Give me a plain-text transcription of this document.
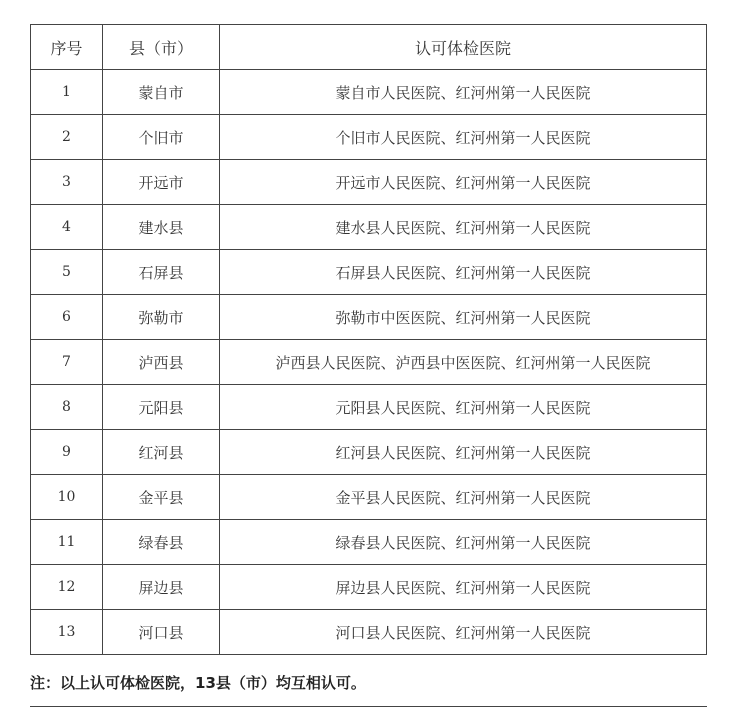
序号	县（市）	认可体检医院
1	蒙自市	蒙自市人民医院、红河州第一人民医院
2	个旧市	个旧市人民医院、红河州第一人民医院
3	开远市	开远市人民医院、红河州第一人民医院
4	建水县	建水县人民医院、红河州第一人民医院
5	石屏县	石屏县人民医院、红河州第一人民医院
6	弥勒市	弥勒市中医医院、红河州第一人民医院
7	泸西县	泸西县人民医院、泸西县中医医院、红河州第一人民医院
8	元阳县	元阳县人民医院、红河州第一人民医院
9	红河县	红河县人民医院、红河州第一人民医院
10	金平县	金平县人民医院、红河州第一人民医院
11	绿春县	绿春县人民医院、红河州第一人民医院
12	屏边县	屏边县人民医院、红河州第一人民医院
13	河口县	河口县人民医院、红河州第一人民医院
注：以上认可体检医院，13县（市）均互相认可。
